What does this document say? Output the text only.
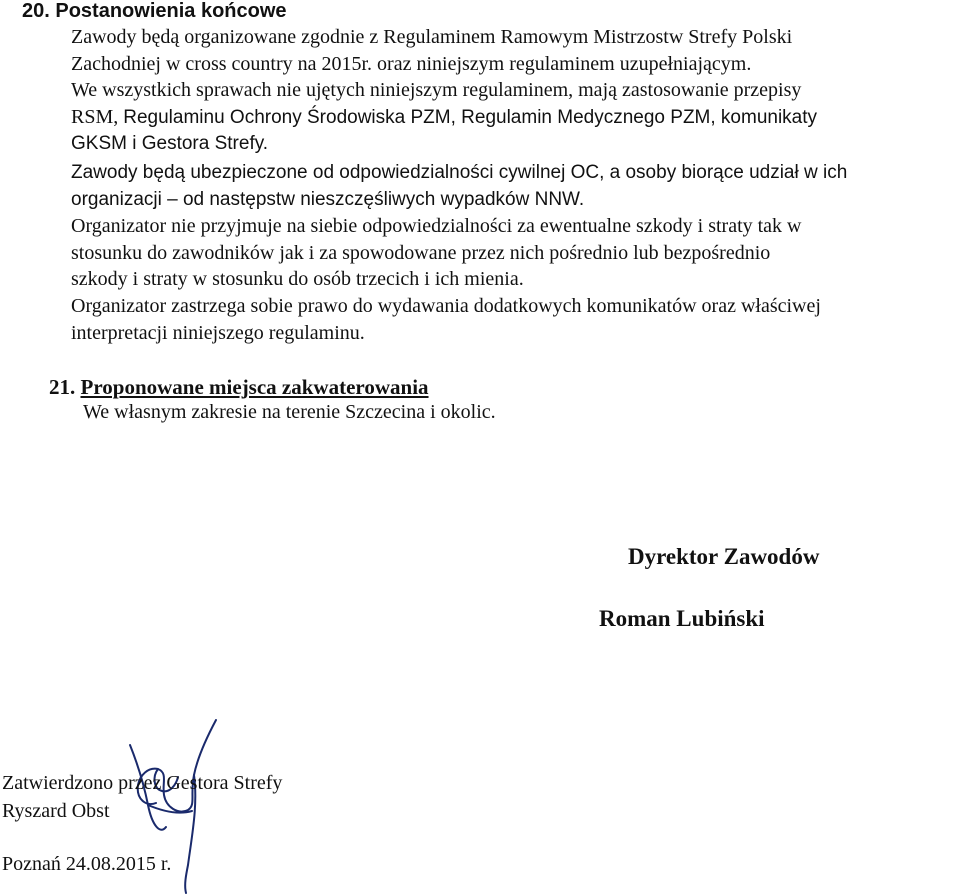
20. Postanowienia końcowe
Zawody będą organizowane zgodnie z Regulaminem Ramowym Mistrzostw Strefy Polski
Zachodniej w cross country na 2015r. oraz niniejszym regulaminem uzupełniającym.
We wszystkich sprawach nie ujętych niniejszym regulaminem, mają zastosowanie przepisy
RSM, Regulaminu Ochrony Środowiska PZM, Regulamin Medycznego PZM, komunikaty
GKSM i Gestora Strefy.
Zawody będą ubezpieczone od odpowiedzialności cywilnej OC, a osoby biorące udział w ich
organizacji – od następstw nieszczęśliwych wypadków NNW.
Organizator nie przyjmuje na siebie odpowiedzialności za ewentualne szkody i straty tak w
stosunku do zawodników jak i za spowodowane przez nich pośrednio lub bezpośrednio
szkody i straty w stosunku do osób trzecich i ich mienia.
Organizator zastrzega sobie prawo do wydawania dodatkowych komunikatów oraz właściwej
interpretacji niniejszego regulaminu.
21. Proponowane miejsca zakwaterowania
We własnym zakresie na terenie Szczecina i okolic.
Dyrektor Zawodów
Roman Lubiński
Zatwierdzono przez Gestora Strefy
Ryszard Obst
Poznań 24.08.2015 r.
